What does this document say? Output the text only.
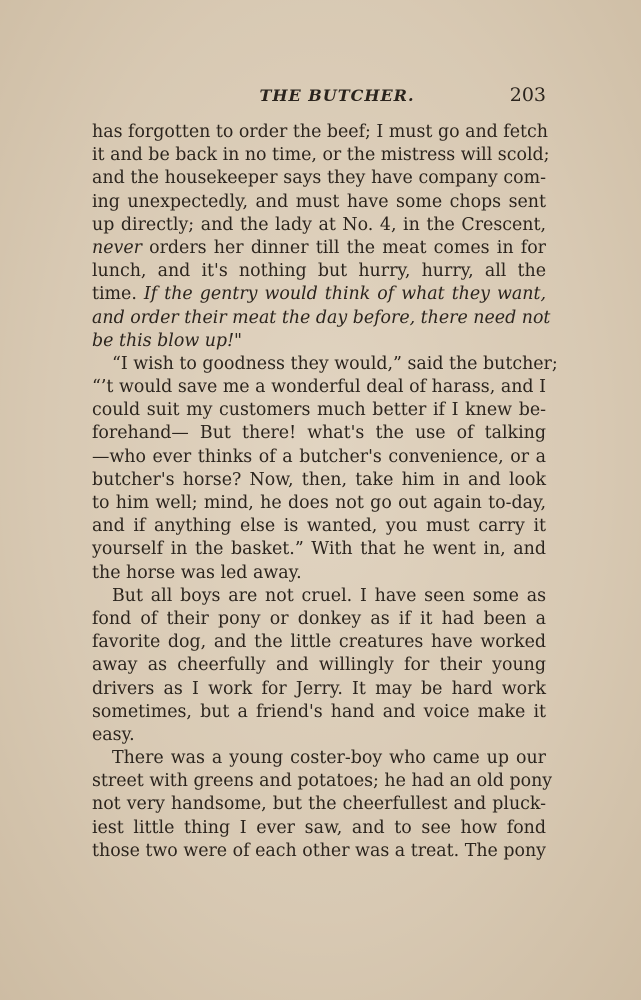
THE BUTCHER.	203
has forgotten to order the beef; I must go and fetch
it and be back in no time, or the mistress will scold;
and the housekeeper says they have company com-
ing unexpectedly, and must have some chops sent
up directly; and the lady at No. 4, in the Crescent,
never orders her dinner till the meat comes in for
lunch, and it's nothing but hurry, hurry, all the
time. If the gentry would think of what they want,
and order their meat the day before, there need not
be this blow up!"
“I wish to goodness they would,” said the butcher;
“’t would save me a wonderful deal of harass, and I
could suit my customers much better if I knew be-
forehand— But there! what's the use of talking
—who ever thinks of a butcher's convenience, or a
butcher's horse? Now, then, take him in and look
to him well; mind, he does not go out again to-day,
and if anything else is wanted, you must carry it
yourself in the basket.” With that he went in, and
the horse was led away.
But all boys are not cruel. I have seen some as
fond of their pony or donkey as if it had been a
favorite dog, and the little creatures have worked
away as cheerfully and willingly for their young
drivers as I work for Jerry. It may be hard work
sometimes, but a friend's hand and voice make it
easy.
There was a young coster-boy who came up our
street with greens and potatoes; he had an old pony
not very handsome, but the cheerfullest and pluck-
iest little thing I ever saw, and to see how fond
those two were of each other was a treat. The pony
